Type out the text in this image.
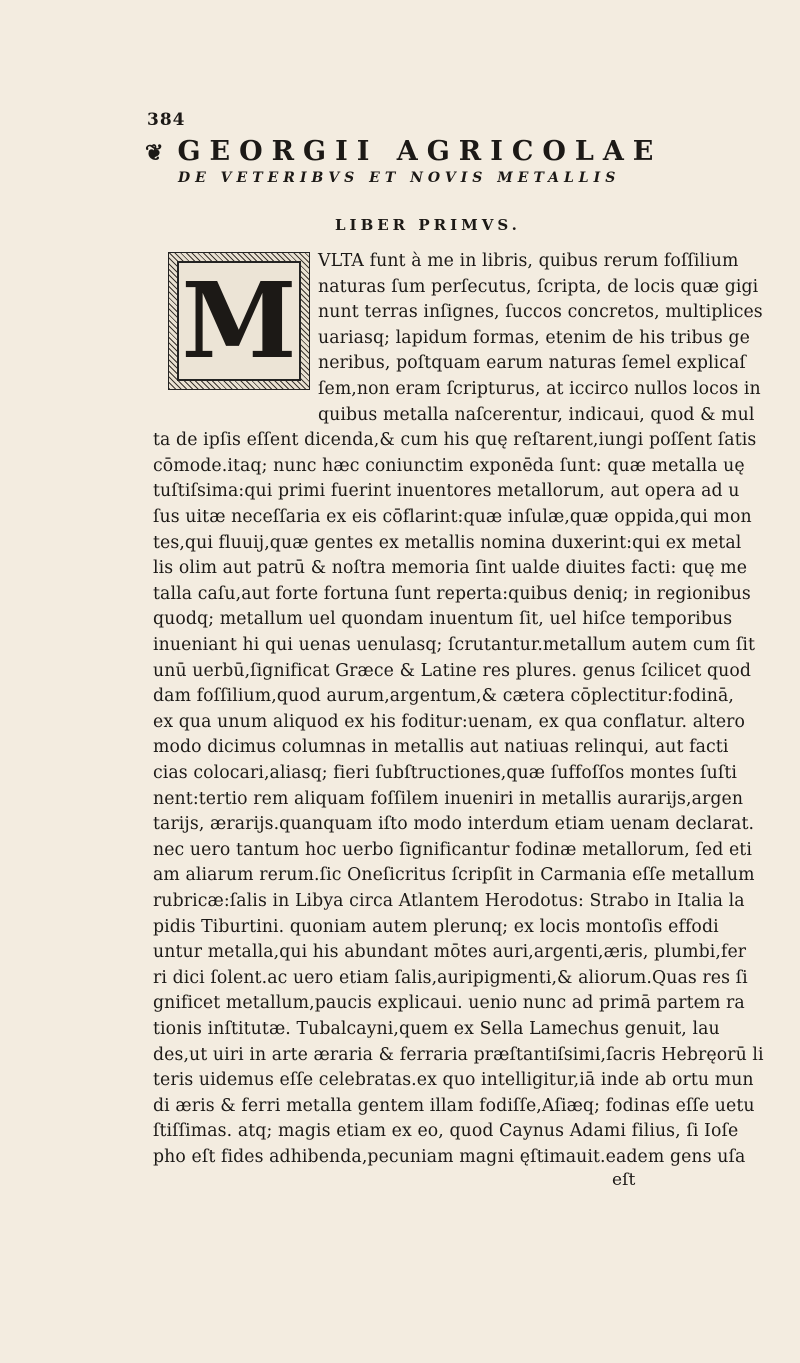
384
❦ GEORGII AGRICOLAE
DE VETERIBVS ET NOVIS METALLIS
LIBER PRIMVS.
M VLTA funt à me in libris, quibus rerum foſſilium
naturas ſum perſecutus, ſcripta, de locis quæ gigi
nunt terras inſignes, ſuccos concretos, multiplices
uariasq; lapidum formas, etenim de his tribus ge
neribus, poſtquam earum naturas ſemel explicaſ
ſem,non eram ſcripturus, at iccirco nullos locos in
quibus metalla naſcerentur, indicaui, quod & mul
ta de ipſis eſſent dicenda,& cum his quę reſtarent,iungi poſſent ſatis
cōmode.itaq; nunc hæc coniunctim exponēda ſunt: quæ metalla uę
tuſtiſsima:qui primi fuerint inuentores metallorum, aut opera ad u
ſus uitæ neceſſaria ex eis cōflarint:quæ inſulæ,quæ oppida,qui mon
tes,qui fluuij,quæ gentes ex metallis nomina duxerint:qui ex metal
lis olim aut patrū & noſtra memoria ſint ualde diuites facti: quę me
talla caſu,aut forte fortuna ſunt reperta:quibus deniq; in regionibus
quodq; metallum uel quondam inuentum ſit, uel hiſce temporibus
inueniant hi qui uenas uenulasq; ſcrutantur.metallum autem cum ſit
unū uerbū,ſignificat Græce & Latine res plures. genus ſcilicet quod
dam foſſilium,quod aurum,argentum,& cætera cōplectitur:fodinā,
ex qua unum aliquod ex his foditur:uenam, ex qua conflatur. altero
modo dicimus columnas in metallis aut natiuas relinqui, aut facti
cias colocari,aliasq; fieri ſubſtructiones,quæ ſuffoſſos montes ſuſti
nent:tertio rem aliquam foſſilem inueniri in metallis aurarijs,argen
tarijs, ærarijs.quanquam iſto modo interdum etiam uenam declarat.
nec uero tantum hoc uerbo ſignificantur fodinæ metallorum, ſed eti
am aliarum rerum.ſic Oneſicritus ſcripſit in Carmania eſſe metallum
rubricæ:ſalis in Libya circa Atlantem Herodotus: Strabo in Italia la
pidis Tiburtini. quoniam autem plerunq; ex locis montoſis effodi
untur metalla,qui his abundant mōtes auri,argenti,æris, plumbi,fer
ri dici ſolent.ac uero etiam ſalis,auripigmenti,& aliorum.Quas res ſi
gnificet metallum,paucis explicaui. uenio nunc ad primā partem ra
tionis inſtitutæ. Tubalcayni,quem ex Sella Lamechus genuit, lau
des,ut uiri in arte æraria & ferraria præſtantiſsimi,ſacris Hebręorū li
teris uidemus eſſe celebratas.ex quo intelligitur,iā inde ab ortu mun
di æris & ferri metalla gentem illam fodiſſe,Aſiæq; fodinas eſſe uetu
ſtiſſimas. atq; magis etiam ex eo, quod Caynus Adami filius, ſi Ioſe
pho eſt fides adhibenda,pecuniam magni ęſtimauit.eadem gens uſa
eſt
